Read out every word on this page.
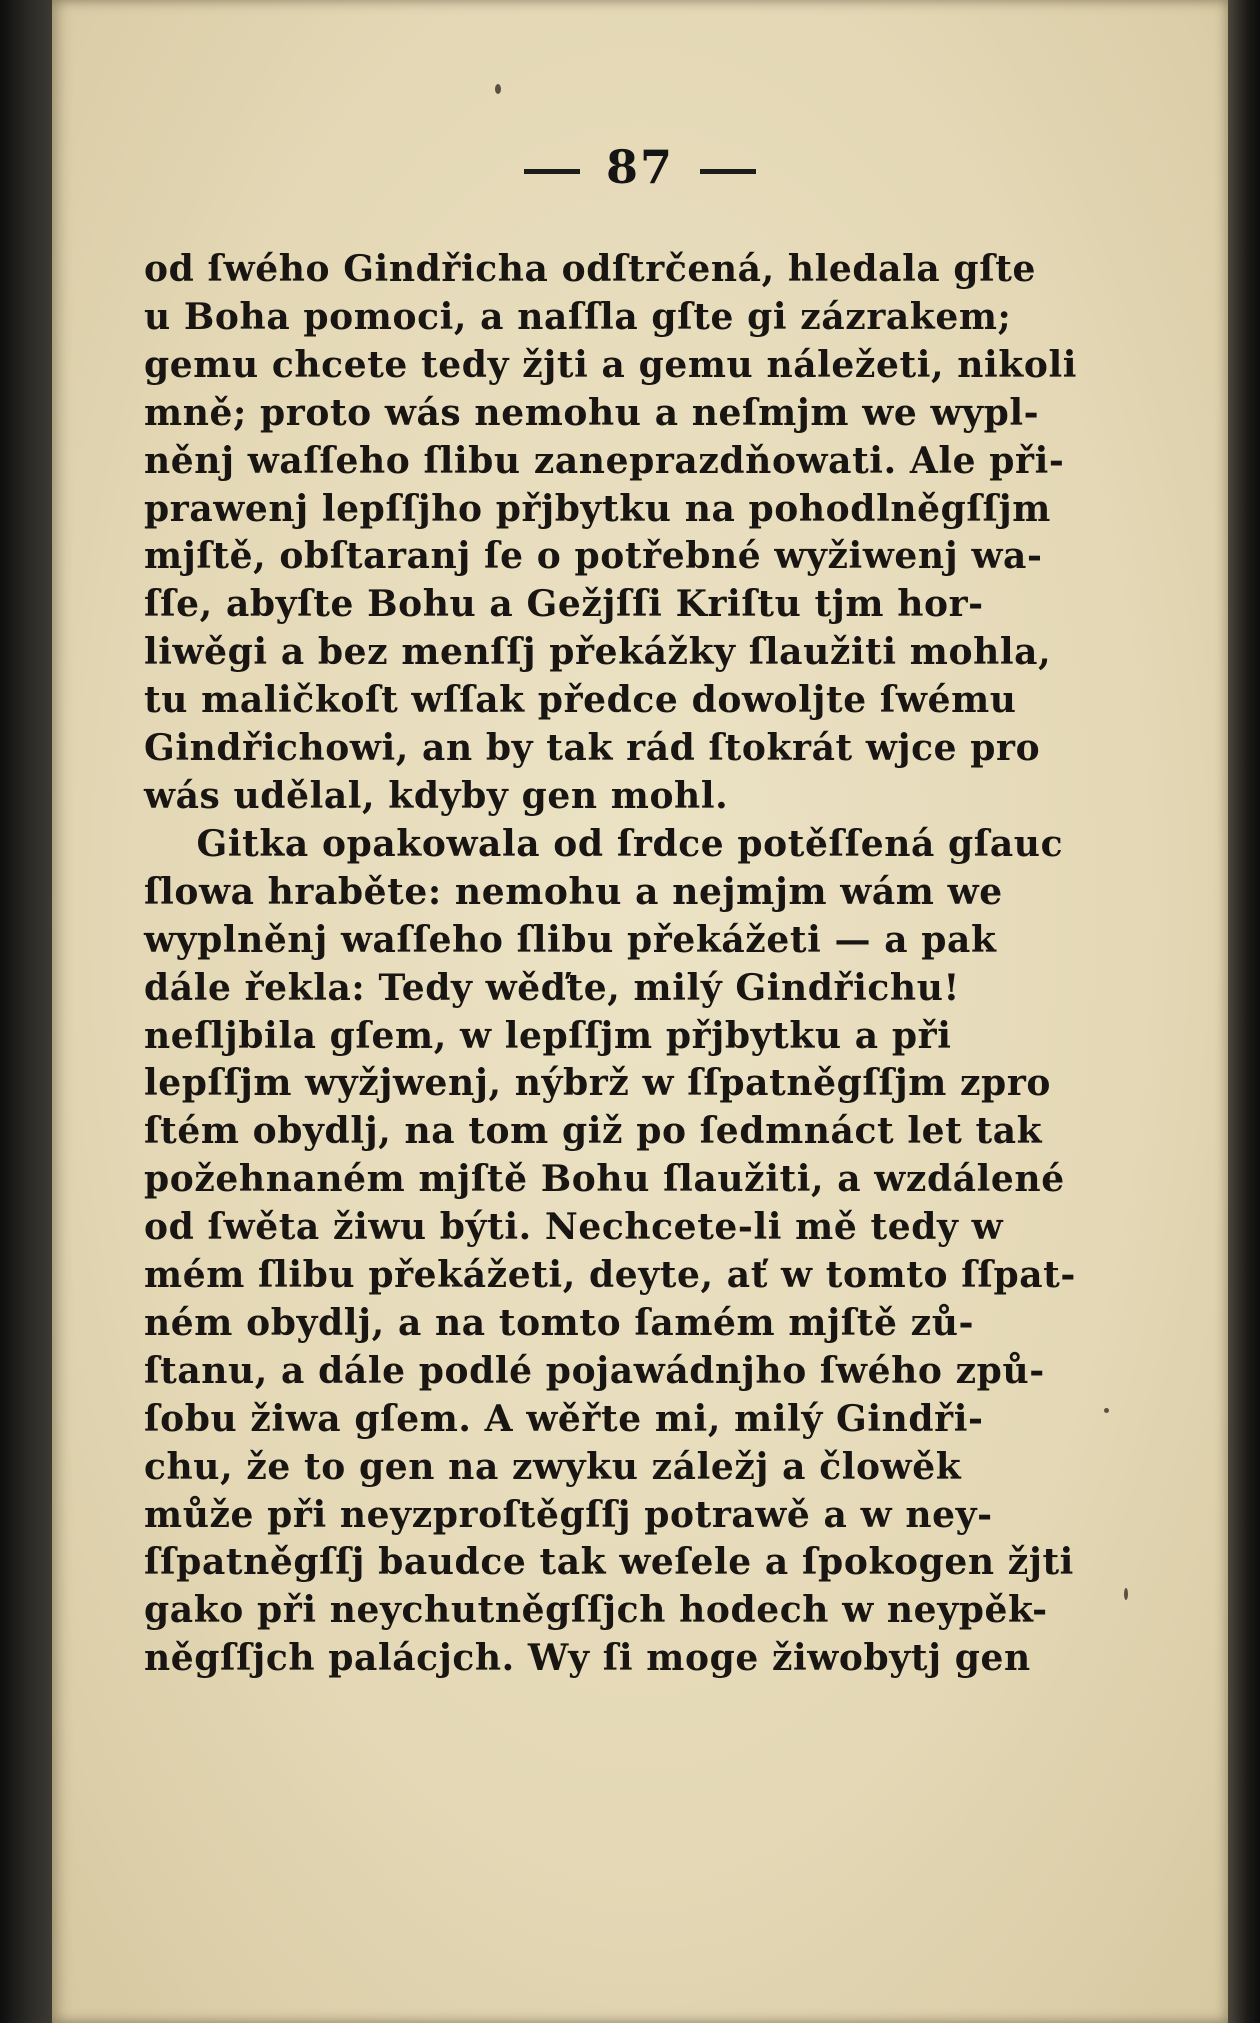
87
od ſwého Gindřicha odſtrčená, hledala gſte
u Boha pomoci, a naſſla gſte gi zázrakem;
gemu chcete tedy žjti a gemu náležeti, nikoli
mně; proto wás nemohu a neſmjm we wypl-
něnj waſſeho ſlibu zaneprazdňowati. Ale při-
prawenj lepſſjho přjbytku na pohodlněgſſjm
mjſtě, obſtaranj ſe o potřebné wyžiwenj wa-
ſſe, abyſte Bohu a Gežjſſi Kriſtu tjm hor-
liwěgi a bez menſſj překážky ſlaužiti mohla,
tu maličkoſt wſſak předce dowoljte ſwému
Gindřichowi, an by tak rád ſtokrát wjce pro
wás udělal, kdyby gen mohl.
Gitka opakowala od ſrdce potěſſená gſauc
ſlowa hraběte: nemohu a nejmjm wám we
wyplněnj waſſeho ſlibu překážeti — a pak
dále řekla: Tedy wěďte, milý Gindřichu!
neſljbila gſem, w lepſſjm přjbytku a při
lepſſjm wyžjwenj, nýbrž w ſſpatněgſſjm zpro
ſtém obydlj, na tom giž po ſedmnáct let tak
požehnaném mjſtě Bohu ſlaužiti, a wzdálené
od ſwěta žiwu býti. Nechcete-li mě tedy w
mém ſlibu překážeti, deyte, ať w tomto ſſpat-
ném obydlj, a na tomto ſamém mjſtě zů-
ſtanu, a dále podlé pojawádnjho ſwého způ-
ſobu žiwa gſem. A wěřte mi, milý Gindři-
chu, že to gen na zwyku záležj a člowěk
může při neyzproſtěgſſj potrawě a w ney-
ſſpatněgſſj baudce tak weſele a ſpokogen žjti
gako při neychutněgſſjch hodech w neypěk-
něgſſjch palácjch. Wy ſi moge žiwobytj gen
